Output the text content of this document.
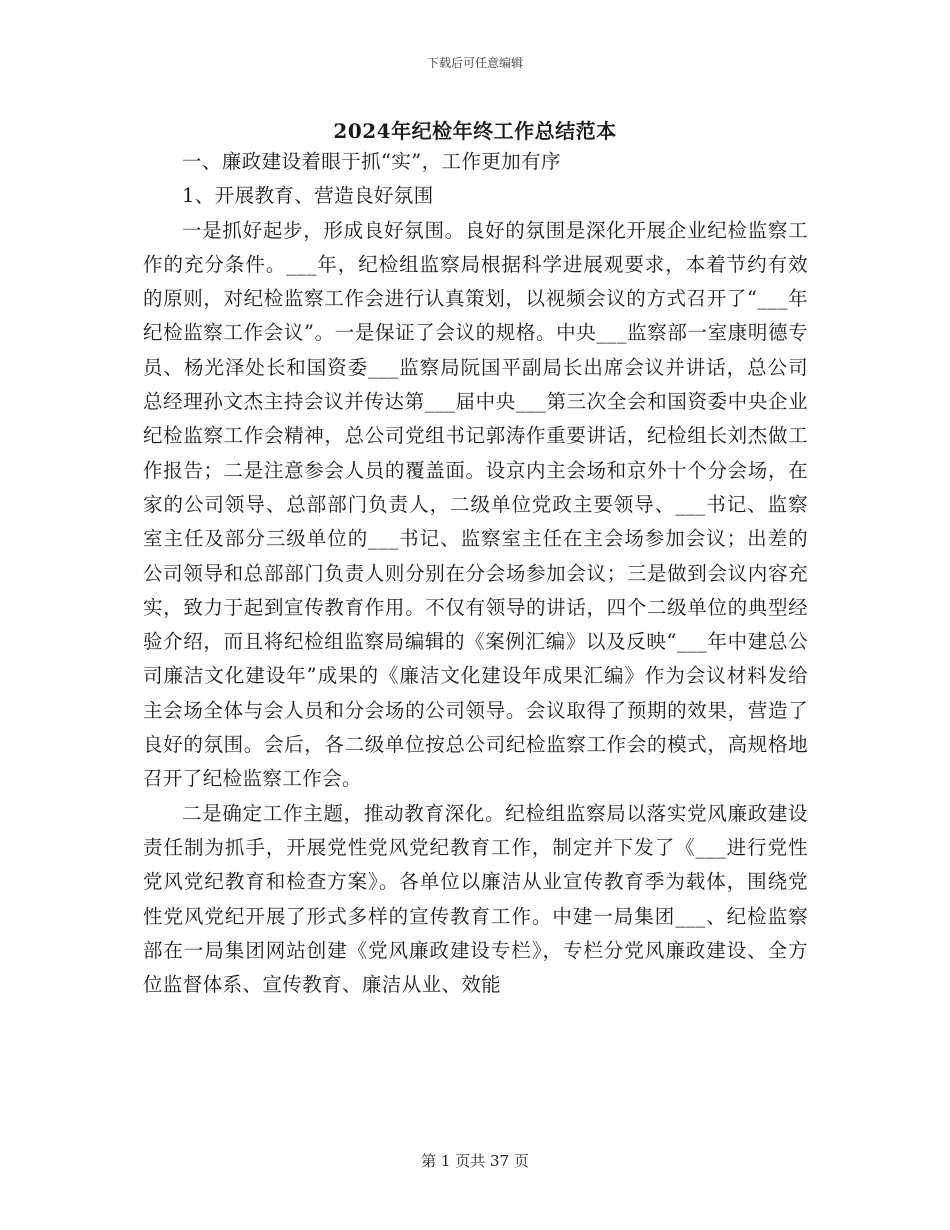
下载后可任意编辑
2024年纪检年终工作总结范本

一、廉政建设着眼于抓“实”，工作更加有序

1、开展教育、营造良好氛围

一是抓好起步，形成良好氛围。良好的氛围是深化开展企业纪检监察工作的充分条件。___年，纪检组监察局根据科学进展观要求，本着节约有效的原则，对纪检监察工作会进行认真策划，以视频会议的方式召开了“___年纪检监察工作会议”。一是保证了会议的规格。中央___监察部一室康明德专员、杨光泽处长和国资委___监察局阮国平副局长出席会议并讲话，总公司总经理孙文杰主持会议并传达第___届中央___第三次全会和国资委中央企业纪检监察工作会精神，总公司党组书记郭涛作重要讲话，纪检组长刘杰做工作报告；二是注意参会人员的覆盖面。设京内主会场和京外十个分会场，在家的公司领导、总部部门负责人，二级单位党政主要领导、___书记、监察室主任及部分三级单位的___书记、监察室主任在主会场参加会议；出差的公司领导和总部部门负责人则分别在分会场参加会议；三是做到会议内容充实，致力于起到宣传教育作用。不仅有领导的讲话，四个二级单位的典型经验介绍，而且将纪检组监察局编辑的《案例汇编》以及反映“___年中建总公司廉洁文化建设年”成果的《廉洁文化建设年成果汇编》作为会议材料发给主会场全体与会人员和分会场的公司领导。会议取得了预期的效果，营造了良好的氛围。会后，各二级单位按总公司纪检监察工作会的模式，高规格地召开了纪检监察工作会。

二是确定工作主题，推动教育深化。纪检组监察局以落实党风廉政建设责任制为抓手，开展党性党风党纪教育工作，制定并下发了《___进行党性党风党纪教育和检查方案》。各单位以廉洁从业宣传教育季为载体，围绕党性党风党纪开展了形式多样的宣传教育工作。中建一局集团___、纪检监察部在一局集团网站创建《党风廉政建设专栏》，专栏分党风廉政建设、全方位监督体系、宣传教育、廉洁从业、效能

第 1 页共 37 页
